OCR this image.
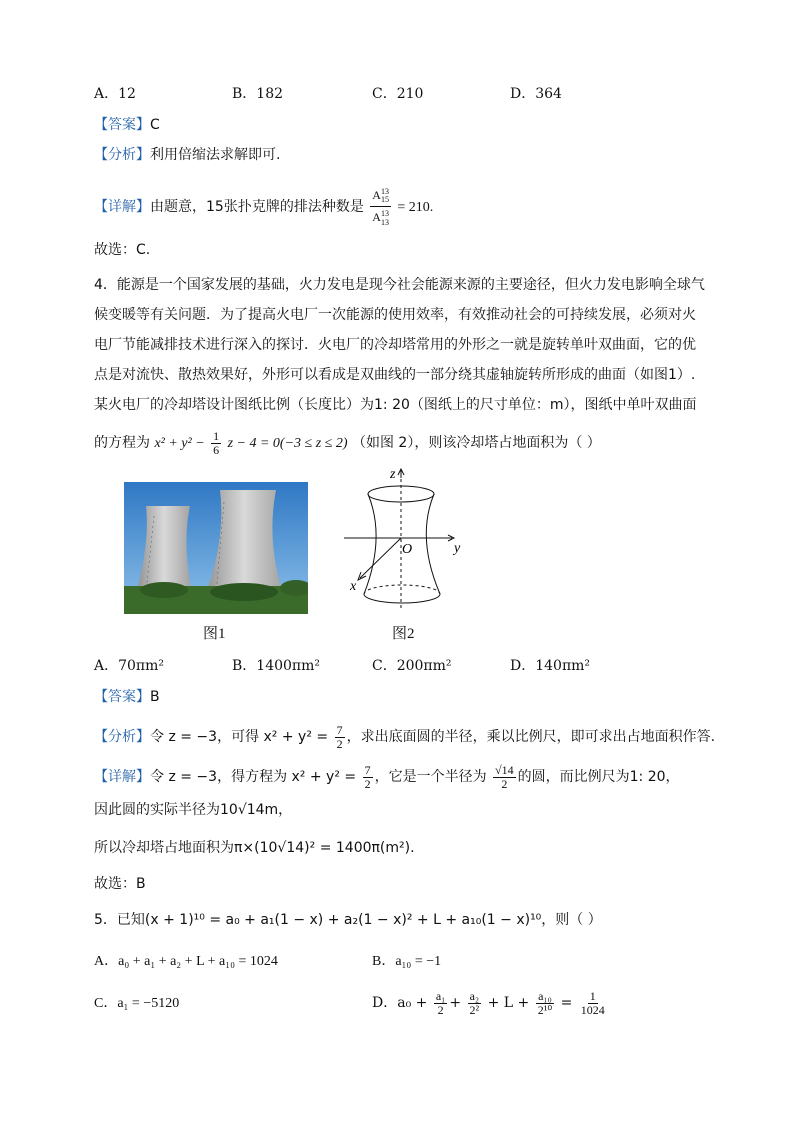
A．12	B．182	C．210	D．364
【答案】C
【分析】利用倍缩法求解即可.
【详解】由题意，15张扑克牌的排法种数是 $\frac{A^{13}_{15}}{A^{13}_{13}} = 210$.
故选：C.
4．能源是一个国家发展的基础，火力发电是现今社会能源来源的主要途径，但火力发电影响全球气
候变暖等有关问题．为了提高火电厂一次能源的使用效率，有效推动社会的可持续发展，必须对火
电厂节能减排技术进行深入的探讨．火电厂的冷却塔常用的外形之一就是旋转单叶双曲面，它的优
点是对流快、散热效果好，外形可以看成是双曲线的一部分绕其虚轴旋转所形成的曲面（如图1）.
某火电厂的冷却塔设计图纸比例（长度比）为1: 20（图纸上的尺寸单位：m），图纸中单叶双曲面
的方程为 $x^2 + y^2 - \frac{1}{6}$ z − 4 = 0(−3 ≤ z ≤ 2) （如图 2），则该冷却塔占地面积为（ ）
图1
z
y
x
O
图2
A．70πm²	B．1400πm²	C．200πm²	D．140πm²
【答案】B
【分析】令 z = −3，可得 $x^2 + y^2 = \frac{7}{2}$ ，求出底面圆的半径，乘以比例尺，即可求出占地面积作答.
【详解】令 z = −3，得方程为 $x^2 + y^2 = \frac{7}{2}$ ，它是一个半径为 $\frac{√14}{2}$ 的圆，而比例尺为1: 20，
因此圆的实际半径为10√14m，
所以冷却塔占地面积为π×(10√14)² = 1400π(m²).
故选：B
5．已知(x + 1)¹⁰ = a₀ + a₁(1 − x) + a₂(1 − x)² + L + a₁₀(1 − x)¹⁰，则（ ）
A．a₀ + a₁ + a₂ + L + a₁₀ = 1024	B．a₁₀ = −1
C．a₁ = −5120	D．$a_0 + \frac{\text{a₁}}{2} + \frac{\text{a₂}}{\text{2²}} + L + \frac{\text{a₁₀}}{\text{2¹⁰}} = \frac{1}{1024}$
